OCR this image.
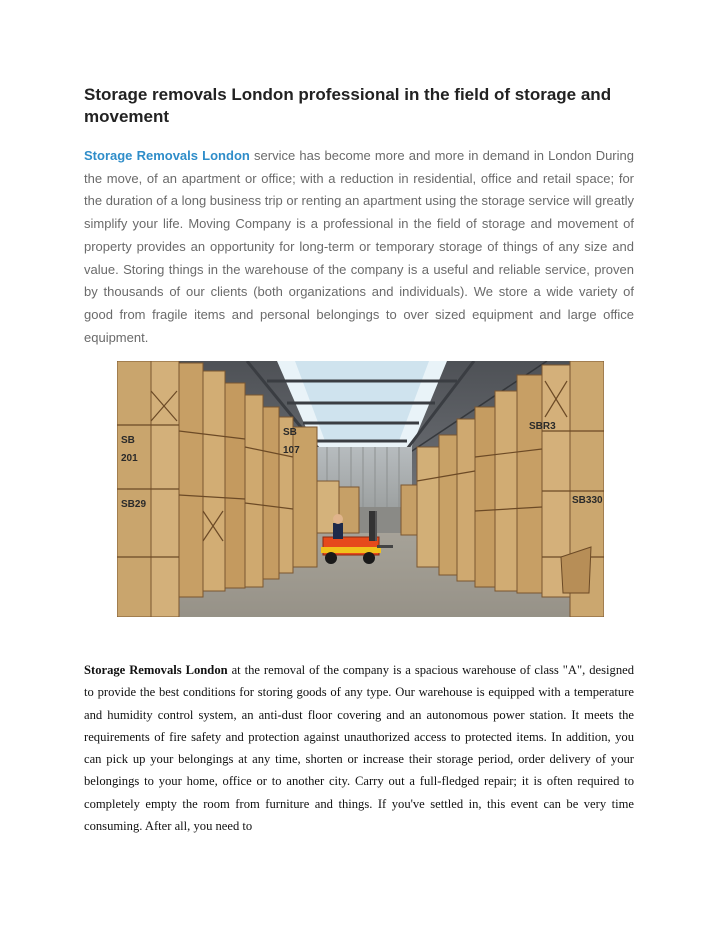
Storage removals London professional in the field of storage and movement

Storage Removals London service has become more and more in demand in London During the move, of an apartment or office; with a reduction in residential, office and retail space; for the duration of a long business trip or renting an apartment using the storage service will greatly simplify your life. Moving Company is a professional in the field of storage and movement of property provides an opportunity for long-term or temporary storage of things of any size and value. Storing things in the warehouse of the company is a useful and reliable service, proven by thousands of our clients (both organizations and individuals). We store a wide variety of good from fragile items and personal belongings to over sized equipment and large office equipment.

SB
201
SB
107
SB29
SBR3
SB330

Storage Removals London at the removal of the company is a spacious warehouse of class "A", designed to provide the best conditions for storing goods of any type. Our warehouse is equipped with a temperature and humidity control system, an anti-dust floor covering and an autonomous power station. It meets the requirements of fire safety and protection against unauthorized access to protected items. In addition, you can pick up your belongings at any time, shorten or increase their storage period, order delivery of your belongings to your home, office or to another city. Carry out a full-fledged repair; it is often required to completely empty the room from furniture and things. If you've settled in, this event can be very time consuming. After all, you need to
